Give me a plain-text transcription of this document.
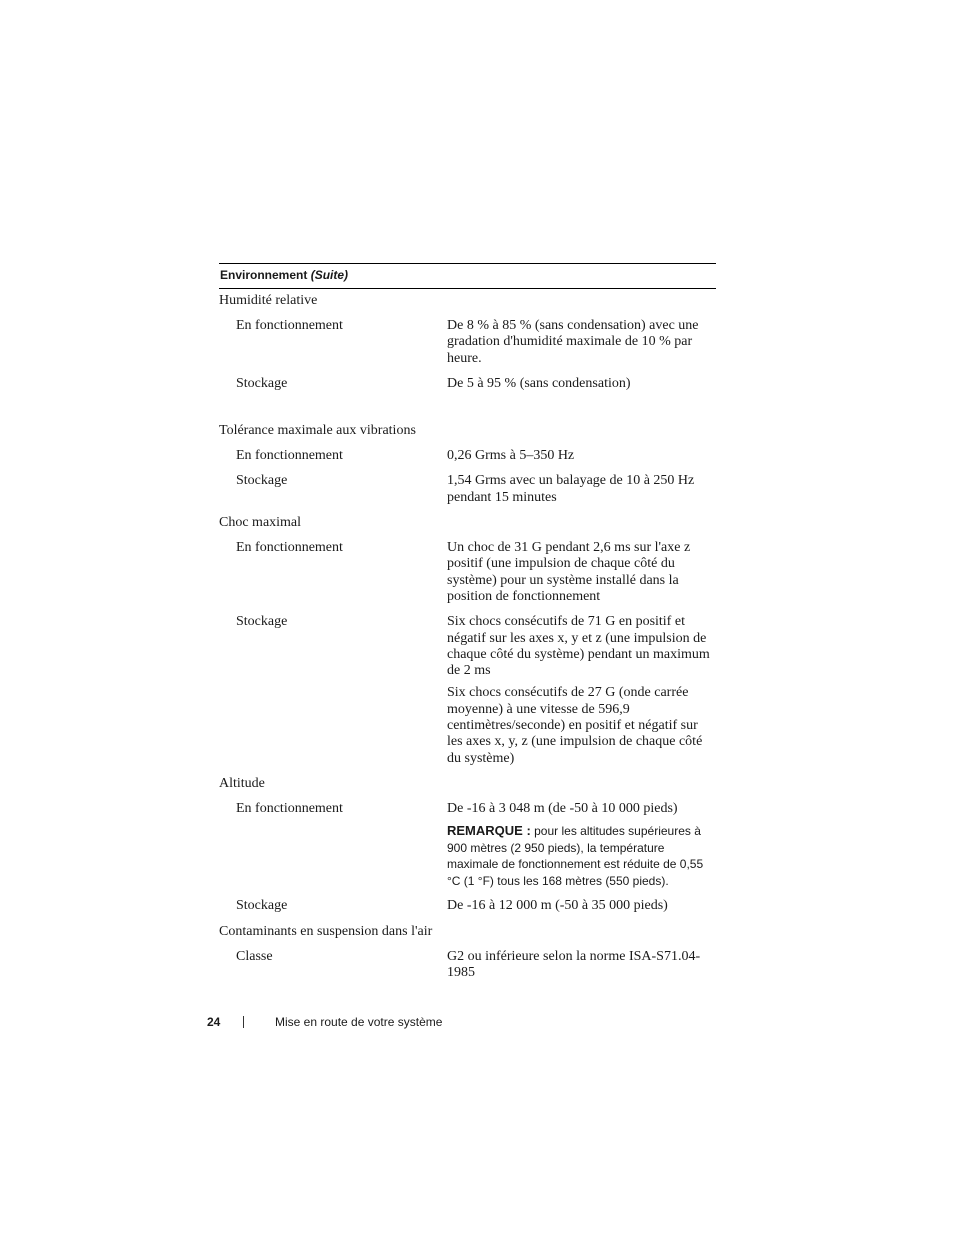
Environnement (Suite)
Humidité relative
En fonctionnement	De 8 % à 85 % (sans condensation) avec une gradation d'humidité maximale de 10 % par heure.
Stockage	De 5 à 95 % (sans condensation)
Tolérance maximale aux vibrations
En fonctionnement	0,26 Grms à 5–350 Hz
Stockage	1,54 Grms avec un balayage de 10 à 250 Hz pendant 15 minutes
Choc maximal
En fonctionnement	Un choc de 31 G pendant 2,6 ms sur l'axe z positif (une impulsion de chaque côté du système) pour un système installé dans la position de fonctionnement
Stockage	Six chocs consécutifs de 71 G en positif et négatif sur les axes x, y et z (une impulsion de chaque côté du système) pendant un maximum de 2 ms

Six chocs consécutifs de 27 G (onde carrée moyenne) à une vitesse de 596,9 centimètres/seconde) en positif et négatif sur les axes x, y, z (une impulsion de chaque côté du système)

Altitude
En fonctionnement	De -16 à 3 048 m (de -50 à 10 000 pieds)

REMARQUE : pour les altitudes supérieures à 900 mètres (2 950 pieds), la température maximale de fonctionnement est réduite de 0,55 °C (1 °F) tous les 168 mètres (550 pieds).
Stockage	De -16 à 12 000 m (-50 à 35 000 pieds)
Contaminants en suspension dans l'air
Classe	G2 ou inférieure selon la norme ISA-S71.04-1985
24	Mise en route de votre système
